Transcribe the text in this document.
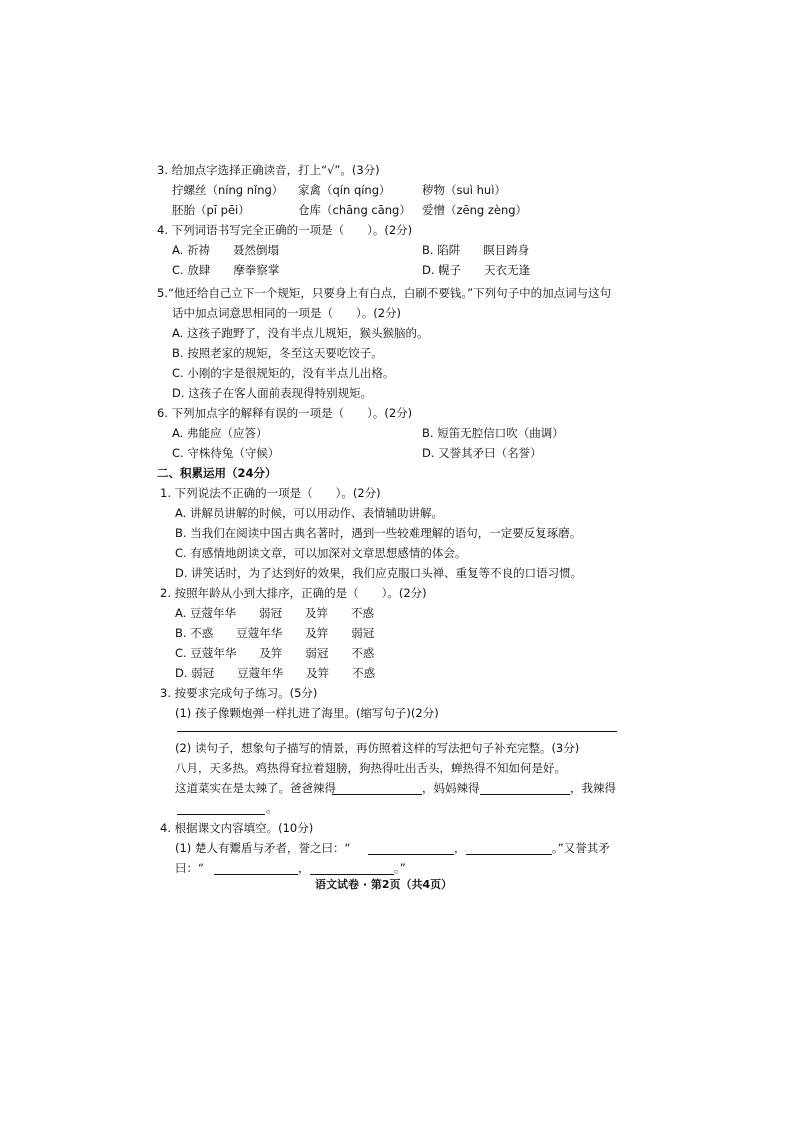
3. 给加点字选择正确读音，打上“√”。(3分)
拧螺丝（nínɡ nǐnɡ） 家禽（qín qíng）	秽物（suì huì）
胚胎（pī pēi）	仓库（chāng cāng） 爱憎（zēng zèng）
4. 下列词语书写完全正确的一项是（　　）。(2分)
A. 祈祷　　聂然倒塌	B. 陷阱　　瞑目踌身
C. 放肆　　摩拳察掌	D. 幌子　　天衣无逢
5.“他还给自己立下一个规矩，只要身上有白点，白刷不要钱。”下列句子中的加点词与这句
话中加点词意思相同的一项是（　　）。(2分)
A. 这孩子跑野了，没有半点儿规矩，猴头猴脑的。
B. 按照老家的规矩，冬至这天要吃饺子。
C. 小刚的字是很规矩的，没有半点儿出格。
D. 这孩子在客人面前表现得特别规矩。
6. 下列加点字的解释有误的一项是（　　）。(2分)
A. 弗能应（应答）	B. 短笛无腔信口吹（曲调）
C. 守株待兔（守候）	D. 又誉其矛曰（名誉）
二、积累运用（24分）
1. 下列说法不正确的一项是（　　）。(2分)
A. 讲解员讲解的时候，可以用动作、表情辅助讲解。
B. 当我们在阅读中国古典名著时，遇到一些较难理解的语句，一定要反复琢磨。
C. 有感情地朗读文章，可以加深对文章思想感情的体会。
D. 讲笑话时，为了达到好的效果，我们应克服口头禅、重复等不良的口语习惯。
2. 按照年龄从小到大排序，正确的是（　　）。(2分)
A. 豆蔻年华　　弱冠　　及笄　　不惑
B. 不惑　　豆蔻年华　　及笄　　弱冠
C. 豆蔻年华　　及笄　　弱冠　　不惑
D. 弱冠　　豆蔻年华　　及笄　　不惑
3. 按要求完成句子练习。(5分)
(1) 孩子像颗炮弹一样扎进了海里。(缩写句子)(2分)
(2) 读句子，想象句子描写的情景，再仿照着这样的写法把句子补充完整。(3分)
八月，天多热。鸡热得耷拉着翅膀，狗热得吐出舌头，蝉热得不知如何是好。
这道菜实在是太辣了。爸爸辣得	，妈妈辣得	，我辣得
。
4. 根据课文内容填空。(10分)
(1) 楚人有鬻盾与矛者，誉之曰：“	，	。”又誉其矛
曰：“	，	。”
语文试卷 · 第2页（共4页）
